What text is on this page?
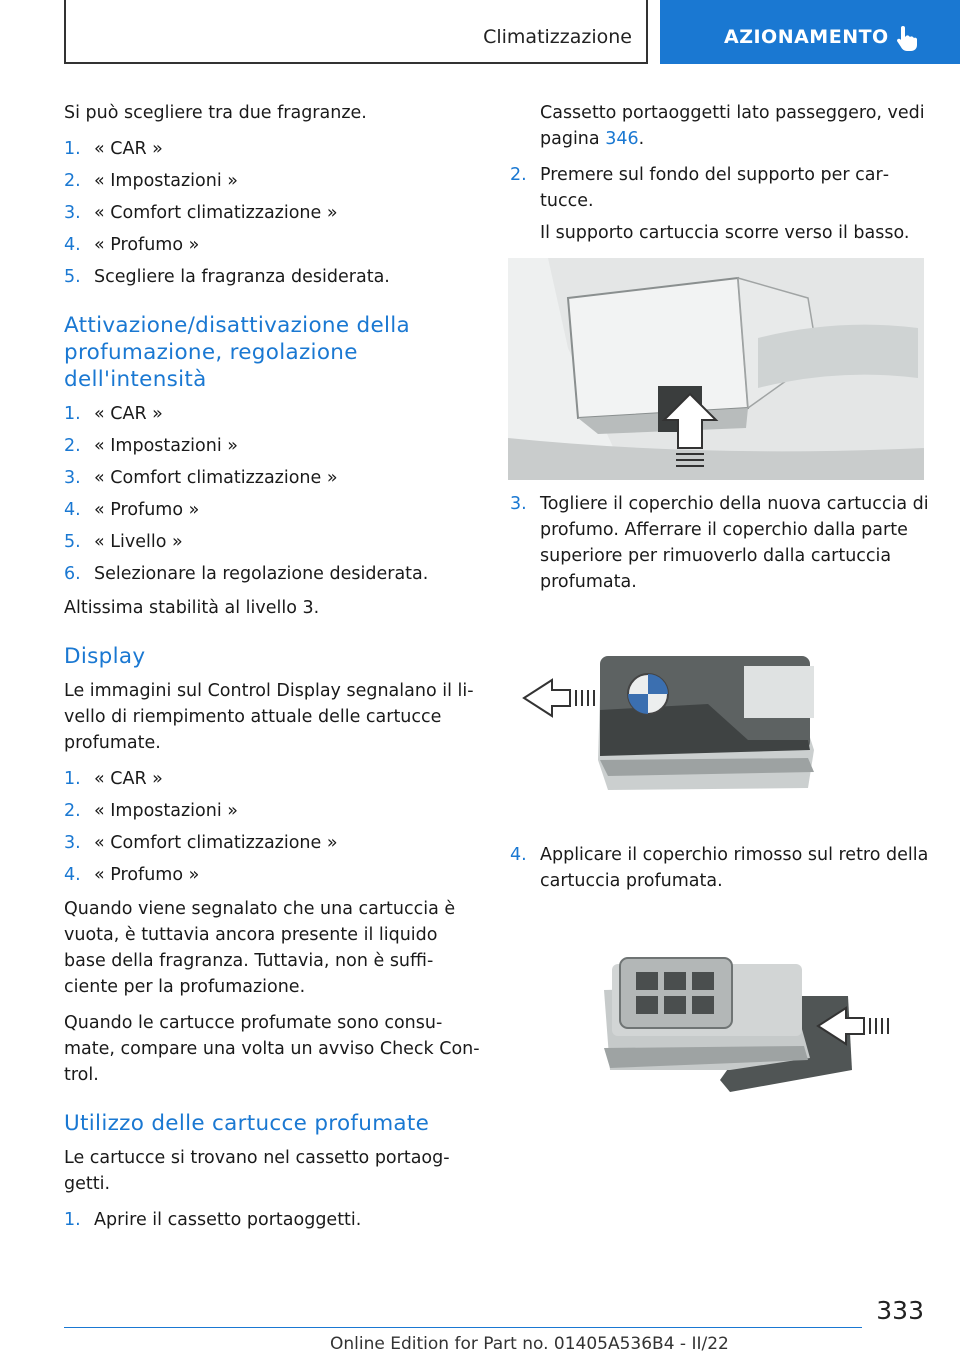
Climatizzazione	AZIONAMENTO

Si può scegliere tra due fragranze.

1. « CAR »
2. « Impostazioni »
3. « Comfort climatizzazione »
4. « Profumo »
5. Scegliere la fragranza desiderata.
Attivazione/disattivazione della profumazione, regolazione dell'intensità
1. « CAR »
2. « Impostazioni »
3. « Comfort climatizzazione »
4. « Profumo »
5. « Livello »
6. Selezionare la regolazione desiderata.

Altissima stabilità al livello 3.

Display

Le immagini sul Control Display segnalano il livello di riempimento attuale delle cartucce profumate.

1. « CAR »
2. « Impostazioni »
3. « Comfort climatizzazione »
4. « Profumo »

Quando viene segnalato che una cartuccia è vuota, è tuttavia ancora presente il liquido base della fragranza. Tuttavia, non è sufficiente per la profumazione.

Quando le cartucce profumate sono consumate, compare una volta un avviso Check Control.

Utilizzo delle cartucce profumate

Le cartucce si trovano nel cassetto portaoggetti.

1. Aprire il cassetto portaoggetti.

Cassetto portaoggetti lato passeggero, vedi pagina 346.

2. Premere sul fondo del supporto per cartucce.
Il supporto cartuccia scorre verso il basso.
3. Togliere il coperchio della nuova cartuccia di profumo. Afferrare il coperchio dalla parte superiore per rimuoverlo dalla cartuccia profumata.
4. Applicare il coperchio rimosso sul retro della cartuccia profumata.
333
Online Edition for Part no. 01405A536B4 - II/22
